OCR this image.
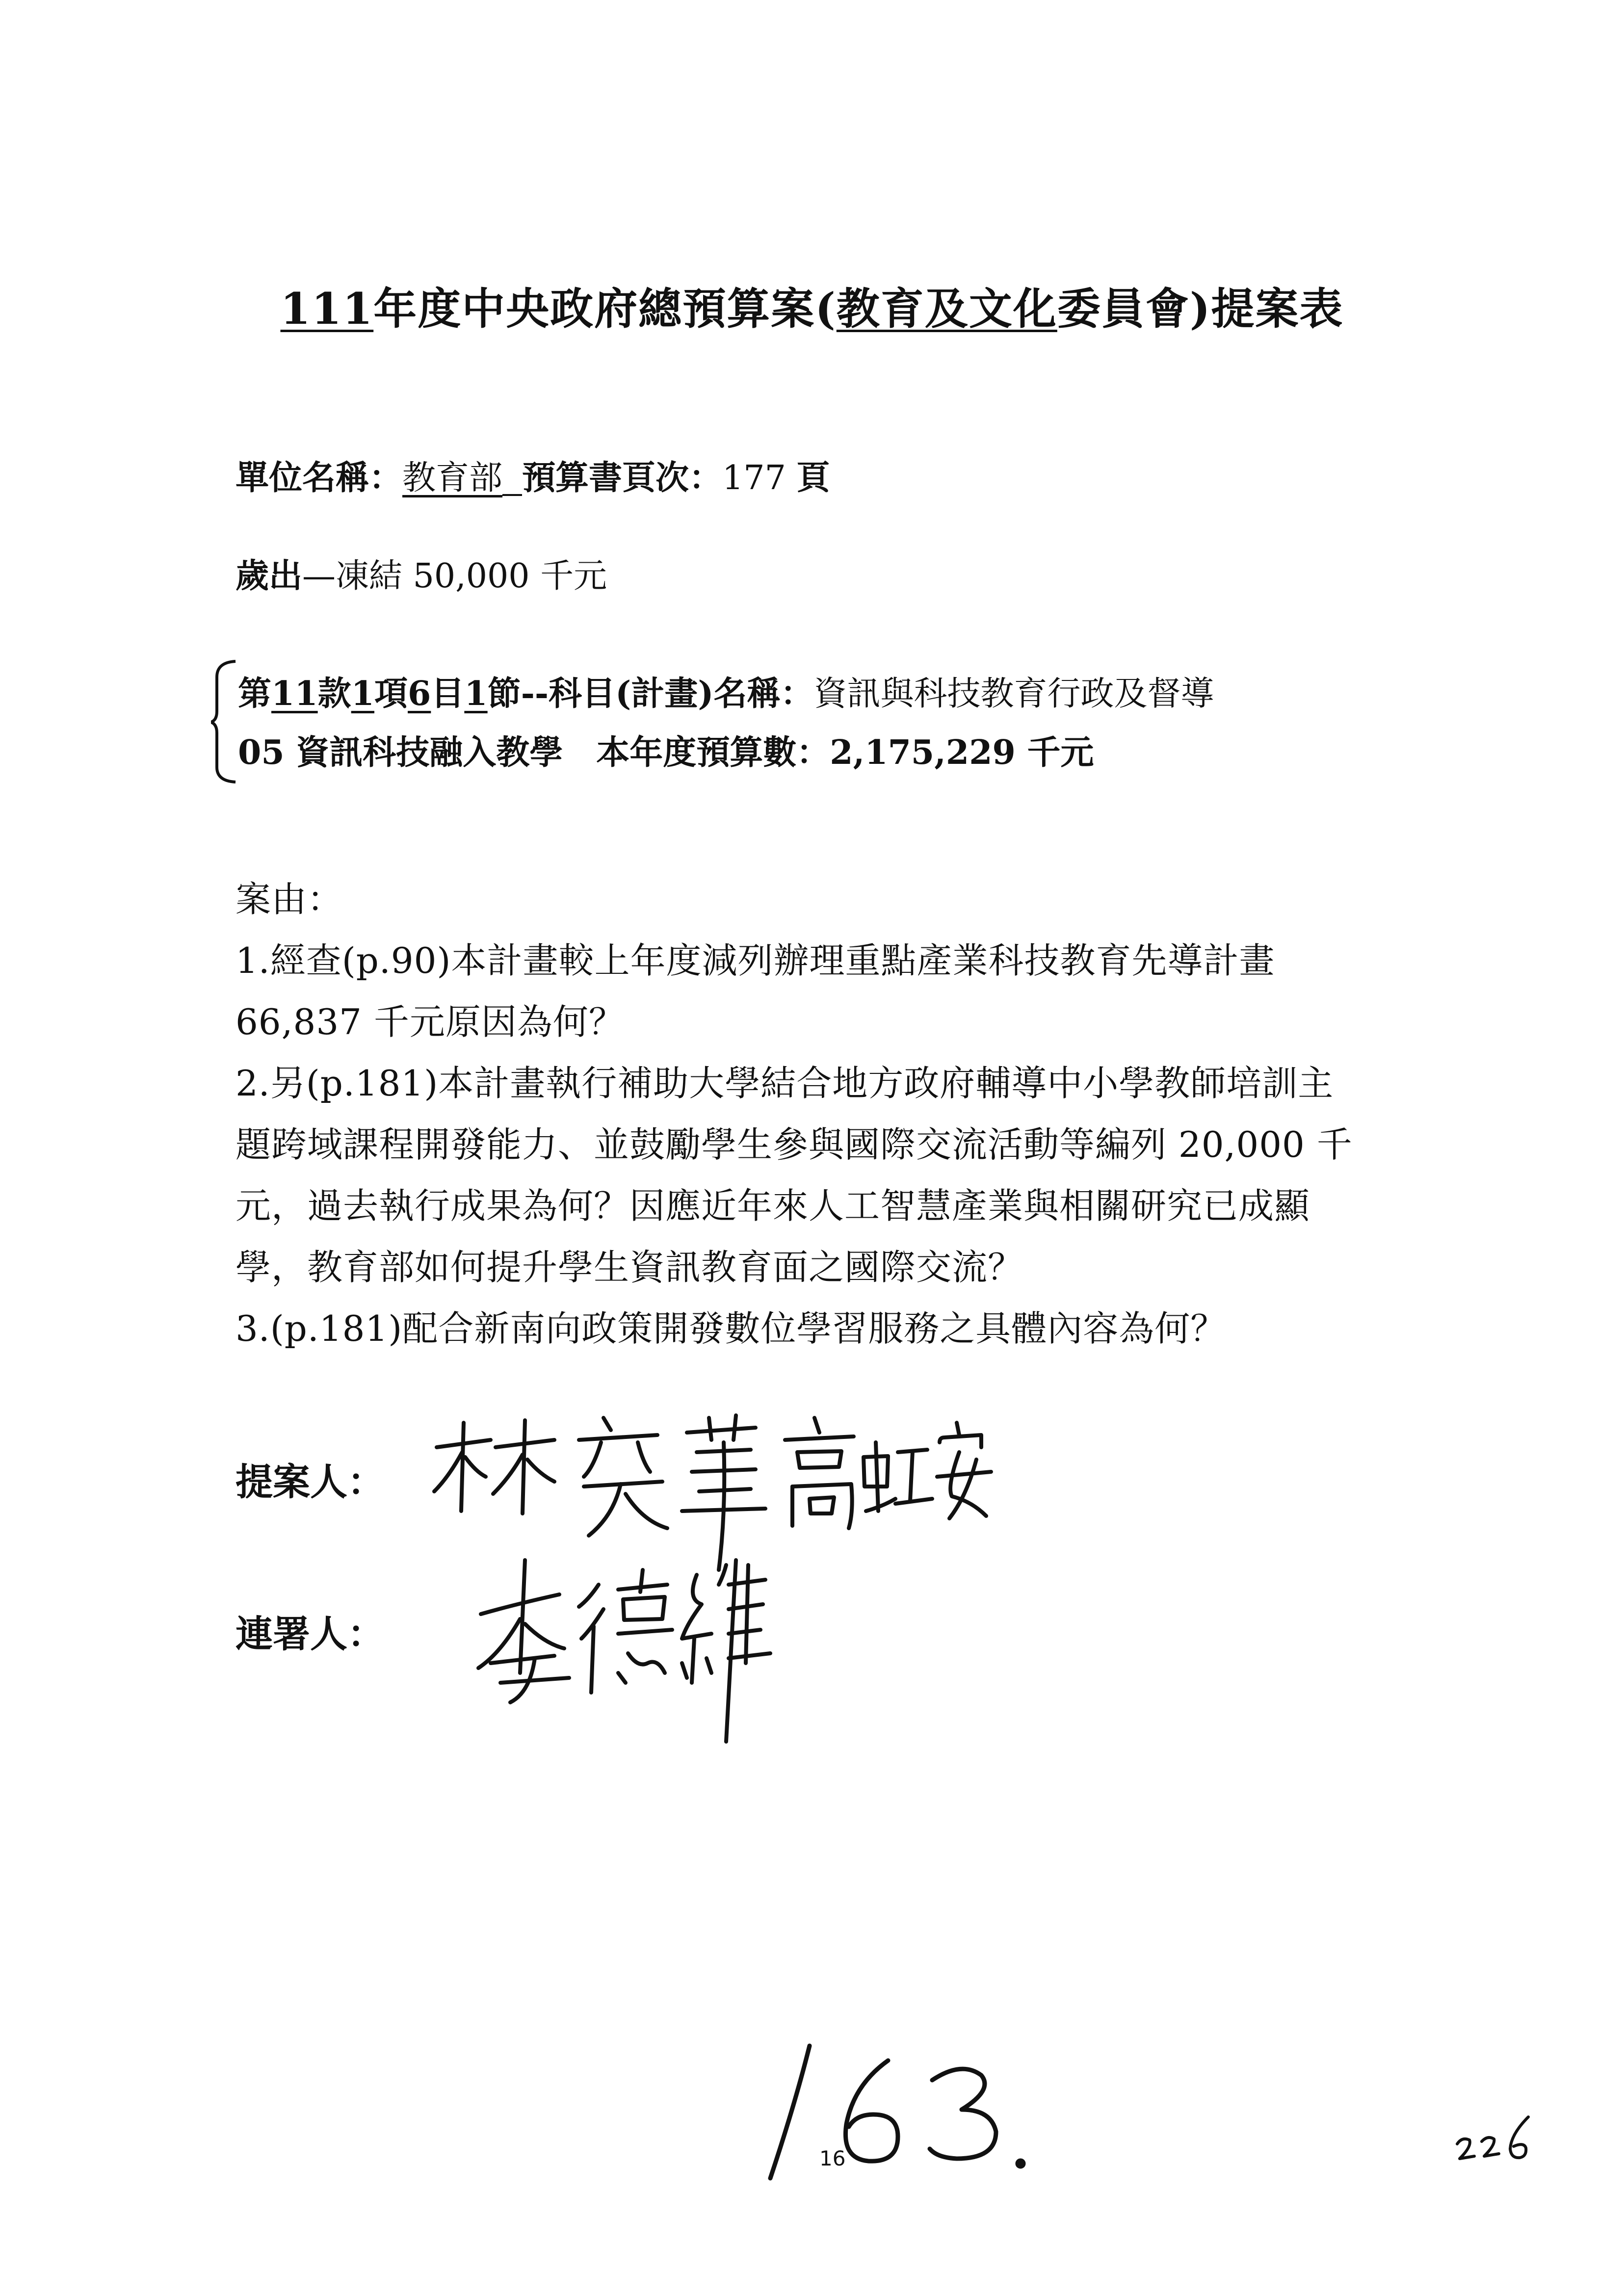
111年度中央政府總預算案(教育及文化委員會)提案表
單位名稱：教育部 預算書頁次：177 頁
歲出—凍結 50,000 千元
第11款1項6目1節--科目(計畫)名稱：資訊與科技教育行政及督導
05 資訊科技融入教學　本年度預算數：2,175,229 千元
案由：
1.經查(p.90)本計畫較上年度減列辦理重點產業科技教育先導計畫
66,837 千元原因為何？
2.另(p.181)本計畫執行補助大學結合地方政府輔導中小學教師培訓主
題跨域課程開發能力、並鼓勵學生參與國際交流活動等編列 20,000 千
元，過去執行成果為何？因應近年來人工智慧產業與相關研究已成顯
學，教育部如何提升學生資訊教育面之國際交流？
3.(p.181)配合新南向政策開發數位學習服務之具體內容為何？
提案人：
連署人：
16
